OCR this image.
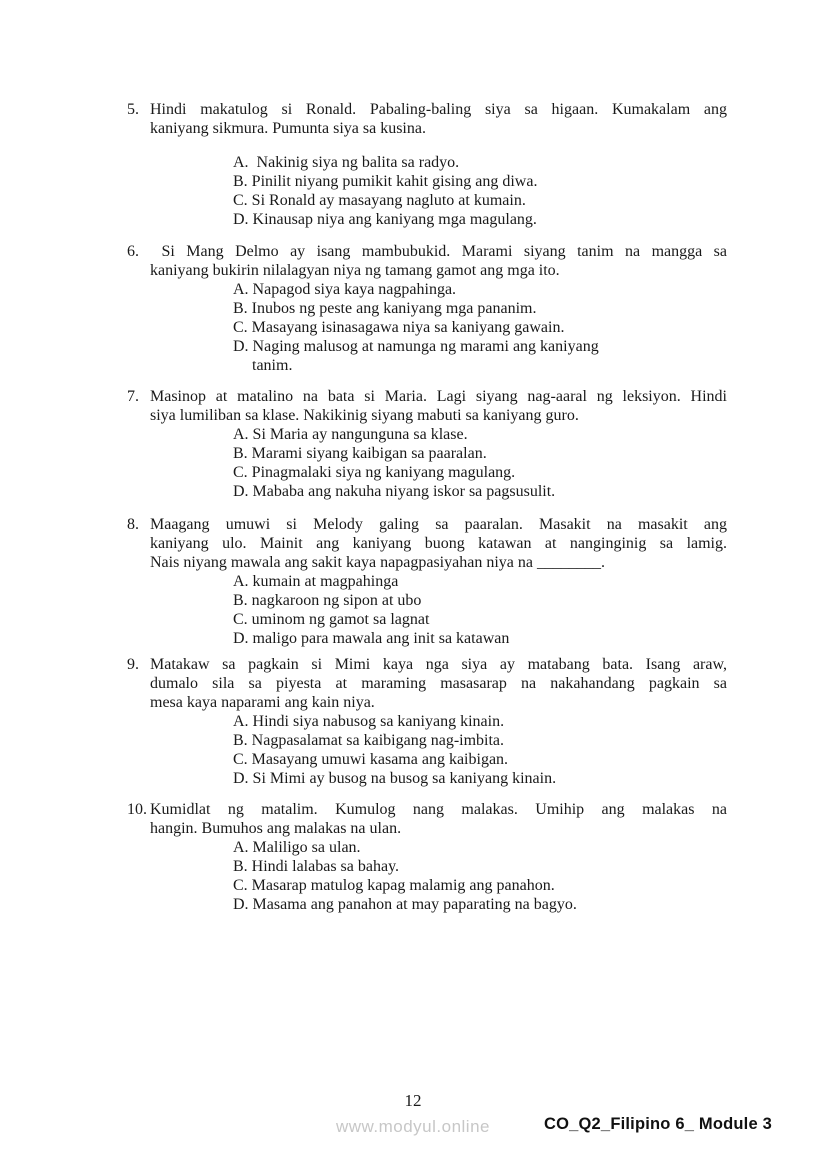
5. Hindi makatulog si Ronald. Pabaling-baling siya sa higaan. Kumakalam ang
kaniyang sikmura. Pumunta siya sa kusina.
A.  Nakinig siya ng balita sa radyo.
B. Pinilit niyang pumikit kahit gising ang diwa.
C. Si Ronald ay masayang nagluto at kumain.
D. Kinausap niya ang kaniyang mga magulang.
6. Si Mang Delmo ay isang mambubukid. Marami siyang tanim na mangga sa
kaniyang bukirin nilalagyan niya ng tamang gamot ang mga ito.
A. Napagod siya kaya nagpahinga.
B. Inubos ng peste ang kaniyang mga pananim.
C. Masayang isinasagawa niya sa kaniyang gawain.
D. Naging malusog at namunga ng marami ang kaniyang
tanim.
7. Masinop at matalino na bata si Maria. Lagi siyang nag-aaral ng leksiyon. Hindi
siya lumiliban sa klase. Nakikinig siyang mabuti sa kaniyang guro.
A. Si Maria ay nangunguna sa klase.
B. Marami siyang kaibigan sa paaralan.
C. Pinagmalaki siya ng kaniyang magulang.
D. Mababa ang nakuha niyang iskor sa pagsusulit.
8. Maagang umuwi si Melody galing sa paaralan. Masakit na masakit ang
kaniyang ulo. Mainit ang kaniyang buong katawan at nanginginig sa lamig.
Nais niyang mawala ang sakit kaya napagpasiyahan niya na ________.
A. kumain at magpahinga
B. nagkaroon ng sipon at ubo
C. uminom ng gamot sa lagnat
D. maligo para mawala ang init sa katawan
9. Matakaw sa pagkain si Mimi kaya nga siya ay matabang bata. Isang araw,
dumalo sila sa piyesta at maraming masasarap na nakahandang pagkain sa
mesa kaya naparami ang kain niya.
A. Hindi siya nabusog sa kaniyang kinain.
B. Nagpasalamat sa kaibigang nag-imbita.
C. Masayang umuwi kasama ang kaibigan.
D. Si Mimi ay busog na busog sa kaniyang kinain.
10. Kumidlat ng matalim. Kumulog nang malakas. Umihip ang malakas na
hangin. Bumuhos ang malakas na ulan.
A. Maliligo sa ulan.
B. Hindi lalabas sa bahay.
C. Masarap matulog kapag malamig ang panahon.
D. Masama ang panahon at may paparating na bagyo.
12
www.modyul.online	CO_Q2_Filipino 6_ Module 3
